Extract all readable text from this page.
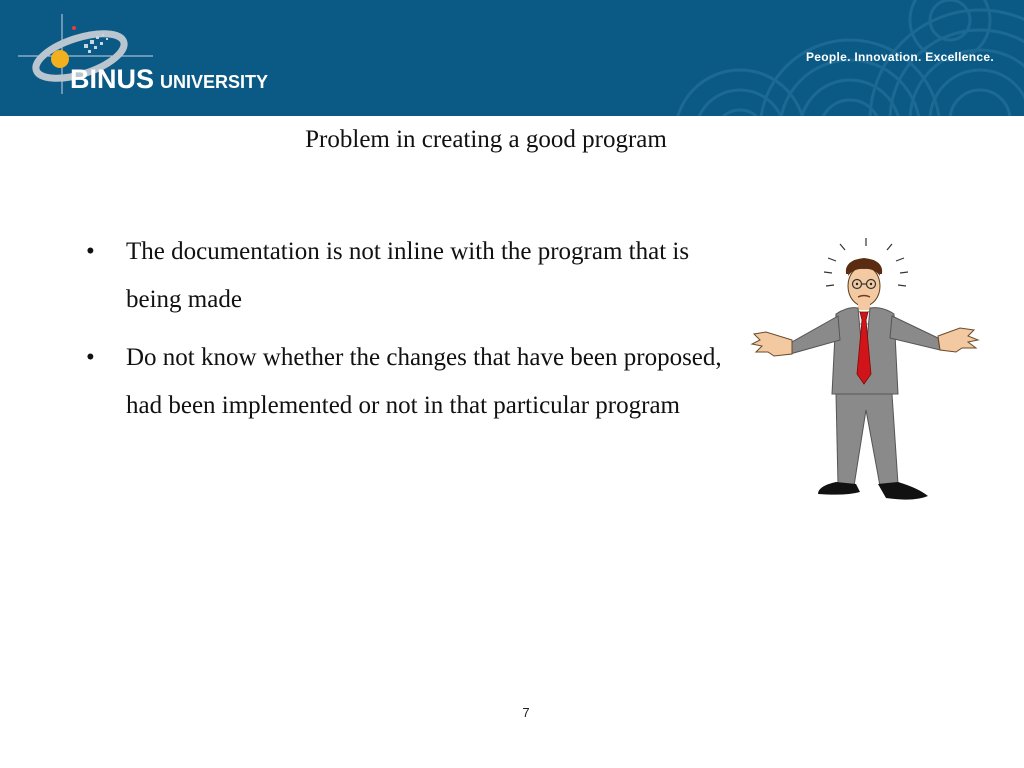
BINUS UNIVERSITY
People. Innovation. Excellence.
Problem in creating a good program
• The documentation is not inline with the program that is being made
• Do not know whether the changes that have been proposed, had been implemented or not in that particular program
7
